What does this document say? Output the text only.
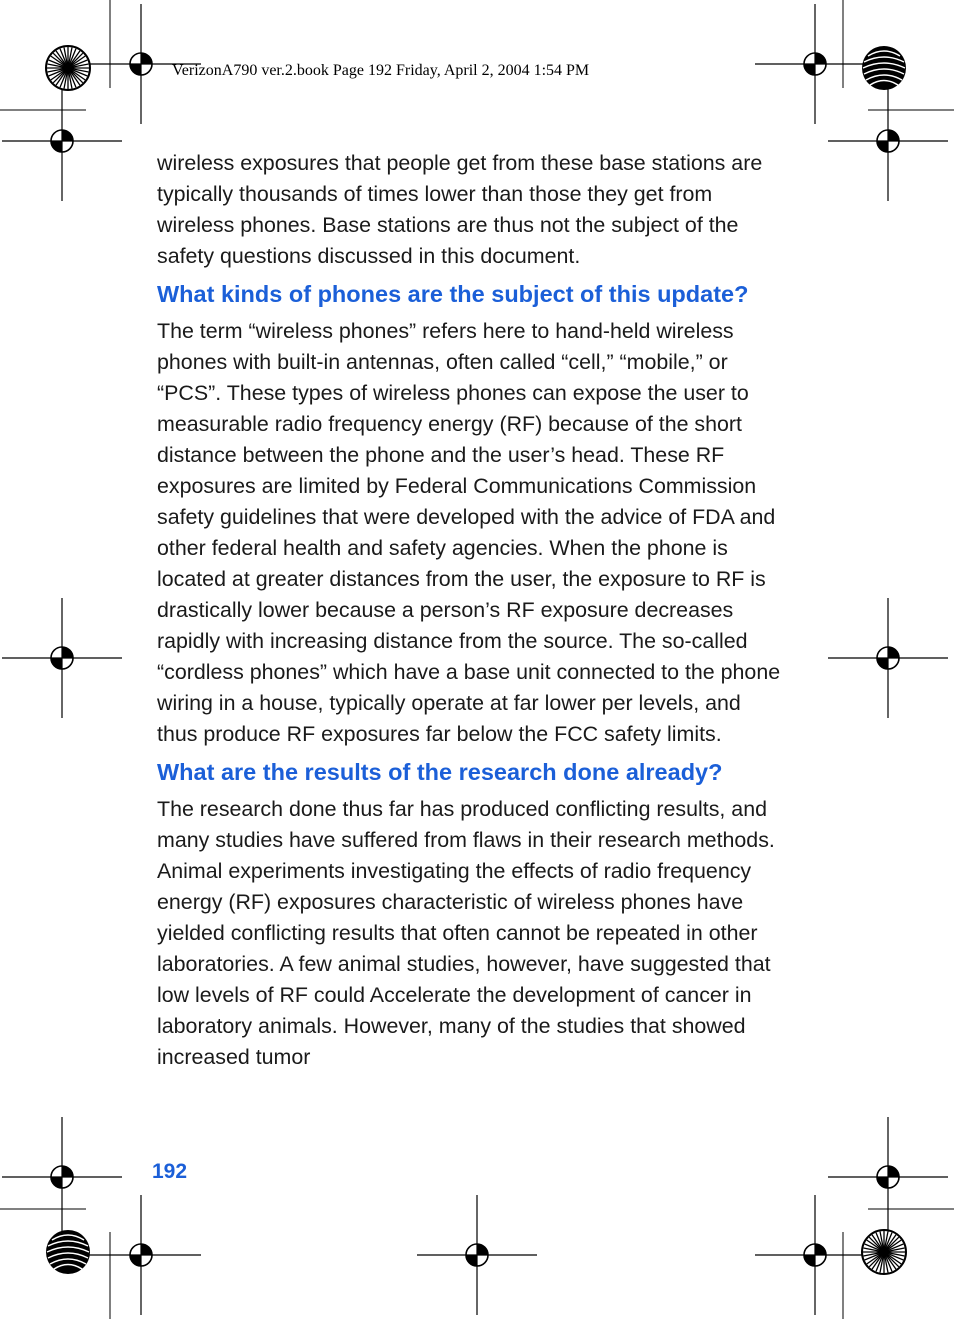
VerizonA790 ver.2.book Page 192 Friday, April 2, 2004 1:54 PM

wireless exposures that people get from these base stations are typically thousands of times lower than those they get from wireless phones. Base stations are thus not the subject of the safety questions discussed in this document.

What kinds of phones are the subject of this update?

The term “wireless phones” refers here to hand-held wireless phones with built-in antennas, often called “cell,” “mobile,” or “PCS”. These types of wireless phones can expose the user to measurable radio frequency energy (RF) because of the short distance between the phone and the user’s head. These RF exposures are limited by Federal Communications Commission safety guidelines that were developed with the advice of FDA and other federal health and safety agencies. When the phone is located at greater distances from the user, the exposure to RF is drastically lower because a person’s RF exposure decreases rapidly with increasing distance from the source. The so-called “cordless phones” which have a base unit connected to the phone wiring in a house, typically operate at far lower per levels, and thus produce RF exposures far below the FCC safety limits.

What are the results of the research done already?

The research done thus far has produced conflicting results, and many studies have suffered from flaws in their research methods. Animal experiments investigating the effects of radio frequency energy (RF) exposures characteristic of wireless phones have yielded conflicting results that often cannot be repeated in other laboratories. A few animal studies, however, have suggested that low levels of RF could Accelerate the development of cancer in laboratory animals. However, many of the studies that showed increased tumor

192
